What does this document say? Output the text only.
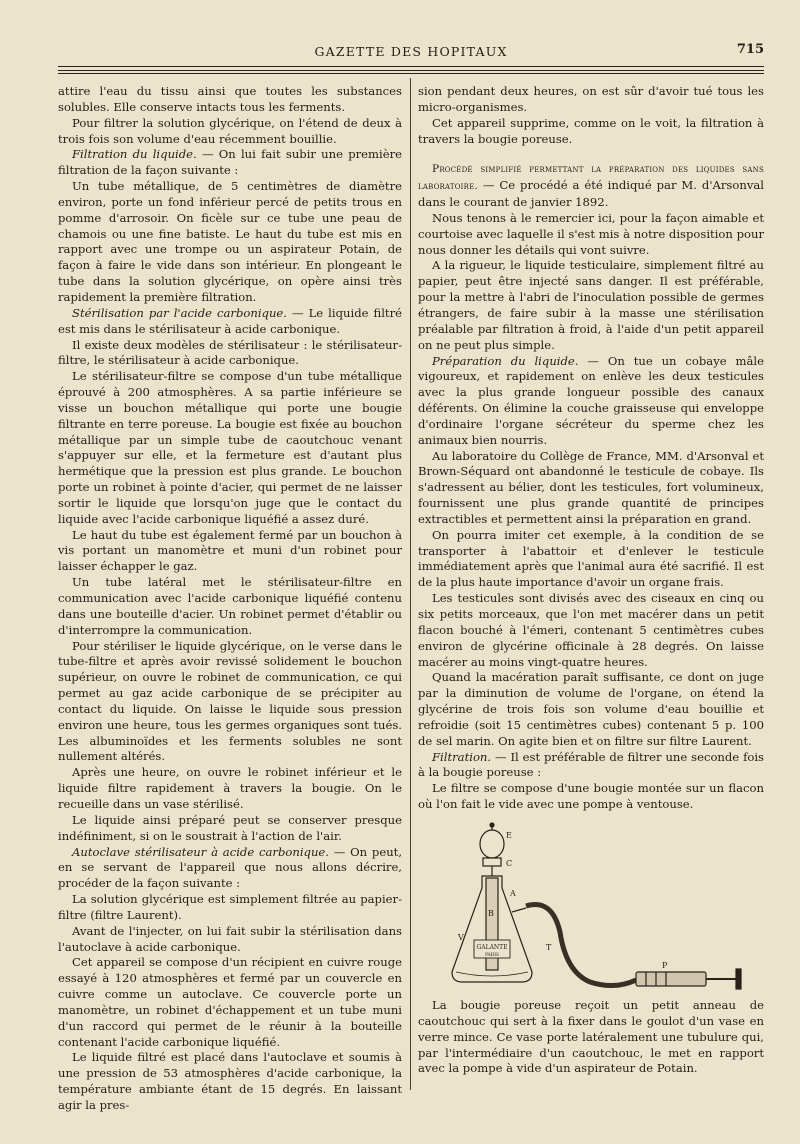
GAZETTE DES HOPITAUX	715

attire l'eau du tissu ainsi que toutes les substances solubles. Elle conserve intacts tous les ferments.

Pour filtrer la solution glycérique, on l'étend de deux à trois fois son volume d'eau récemment bouillie.

Filtration du liquide. — On lui fait subir une première filtration de la façon suivante :

Un tube métallique, de 5 centimètres de diamètre environ, porte un fond inférieur percé de petits trous en pomme d'arrosoir. On ficèle sur ce tube une peau de chamois ou une fine batiste. Le haut du tube est mis en rapport avec une trompe ou un aspirateur Potain, de façon à faire le vide dans son intérieur. En plongeant le tube dans la solution glycérique, on opère ainsi très rapidement la première filtration.

Stérilisation par l'acide carbonique. — Le liquide filtré est mis dans le stérilisateur à acide carbonique.

Il existe deux modèles de stérilisateur : le stérilisateur-filtre, le stérilisateur à acide carbonique.

Le stérilisateur-filtre se compose d'un tube métallique éprouvé à 200 atmosphères. A sa partie inférieure se visse un bouchon métallique qui porte une bougie filtrante en terre poreuse. La bougie est fixée au bouchon métallique par un simple tube de caoutchouc venant s'appuyer sur elle, et la fermeture est d'autant plus hermétique que la pression est plus grande. Le bouchon porte un robinet à pointe d'acier, qui permet de ne laisser sortir le liquide que lorsqu'on juge que le contact du liquide avec l'acide carbonique liquéfié a assez duré.

Le haut du tube est également fermé par un bouchon à vis portant un manomètre et muni d'un robinet pour laisser échapper le gaz.

Un tube latéral met le stérilisateur-filtre en communication avec l'acide carbonique liquéfié contenu dans une bouteille d'acier. Un robinet permet d'établir ou d'interrompre la communication.

Pour stériliser le liquide glycérique, on le verse dans le tube-filtre et après avoir revissé solidement le bouchon supérieur, on ouvre le robinet de communication, ce qui permet au gaz acide carbonique de se précipiter au contact du liquide. On laisse le liquide sous pression environ une heure, tous les germes organiques sont tués. Les albuminoïdes et les ferments solubles ne sont nullement altérés.

Après une heure, on ouvre le robinet inférieur et le liquide filtre rapidement à travers la bougie. On le recueille dans un vase stérilisé.

Le liquide ainsi préparé peut se conserver presque indéfiniment, si on le soustrait à l'action de l'air.

Autoclave stérilisateur à acide carbonique. — On peut, en se servant de l'appareil que nous allons décrire, procéder de la façon suivante :

La solution glycérique est simplement filtrée au papier-filtre (filtre Laurent).

Avant de l'injecter, on lui fait subir la stérilisation dans l'autoclave à acide carbonique.

Cet appareil se compose d'un récipient en cuivre rouge essayé à 120 atmosphères et fermé par un couvercle en cuivre comme un autoclave. Ce couvercle porte un manomètre, un robinet d'échappement et un tube muni d'un raccord qui permet de le réunir à la bouteille contenant l'acide carbonique liquéfié.

Le liquide filtré est placé dans l'autoclave et soumis à une pression de 53 atmosphères d'acide carbonique, la température ambiante étant de 15 degrés. En laissant agir la pres-

sion pendant deux heures, on est sûr d'avoir tué tous les micro-organismes.

Cet appareil supprime, comme on le voit, la filtration à travers la bougie poreuse.

Procédé simplifié permettant la préparation des liquides sans laboratoire. — Ce procédé a été indiqué par M. d'Arsonval dans le courant de janvier 1892.

Nous tenons à le remercier ici, pour la façon aimable et courtoise avec laquelle il s'est mis à notre disposition pour nous donner les détails qui vont suivre.

A la rigueur, le liquide testiculaire, simplement filtré au papier, peut être injecté sans danger. Il est préférable, pour la mettre à l'abri de l'inoculation possible de germes étrangers, de faire subir à la masse une stérilisation préalable par filtration à froid, à l'aide d'un petit appareil on ne peut plus simple.

Préparation du liquide. — On tue un cobaye mâle vigoureux, et rapidement on enlève les deux testicules avec la plus grande longueur possible des canaux déférents. On élimine la couche graisseuse qui enveloppe d'ordinaire l'organe sécréteur du sperme chez les animaux bien nourris.

Au laboratoire du Collège de France, MM. d'Arsonval et Brown-Séquard ont abandonné le testicule de cobaye. Ils s'adressent au bélier, dont les testicules, fort volumineux, fournissent une plus grande quantité de principes extractibles et permettent ainsi la préparation en grand.

On pourra imiter cet exemple, à la condition de se transporter à l'abattoir et d'enlever le testicule immédiatement après que l'animal aura été sacrifié. Il est de la plus haute importance d'avoir un organe frais.

Les testicules sont divisés avec des ciseaux en cinq ou six petits morceaux, que l'on met macérer dans un petit flacon bouché à l'émeri, contenant 5 centimètres cubes environ de glycérine officinale à 28 degrés. On laisse macérer au moins vingt-quatre heures.

Quand la macération paraît suffisante, ce dont on juge par la diminution de volume de l'organe, on étend la glycérine de trois fois son volume d'eau bouillie et refroidie (soit 15 centimètres cubes) contenant 5 p. 100 de sel marin. On agite bien et on filtre sur filtre Laurent.

Filtration. — Il est préférable de filtrer une seconde fois à la bougie poreuse :

Le filtre se compose d'une bougie montée sur un flacon où l'on fait le vide avec une pompe à ventouse.

E
C
A
B
V
T
P
GALANTE
PARIS

La bougie poreuse reçoit un petit anneau de caoutchouc qui sert à la fixer dans le goulot d'un vase en verre mince. Ce vase porte latéralement une tubulure qui, par l'intermédiaire d'un caoutchouc, le met en rapport avec la pompe à vide d'un aspirateur de Potain.
